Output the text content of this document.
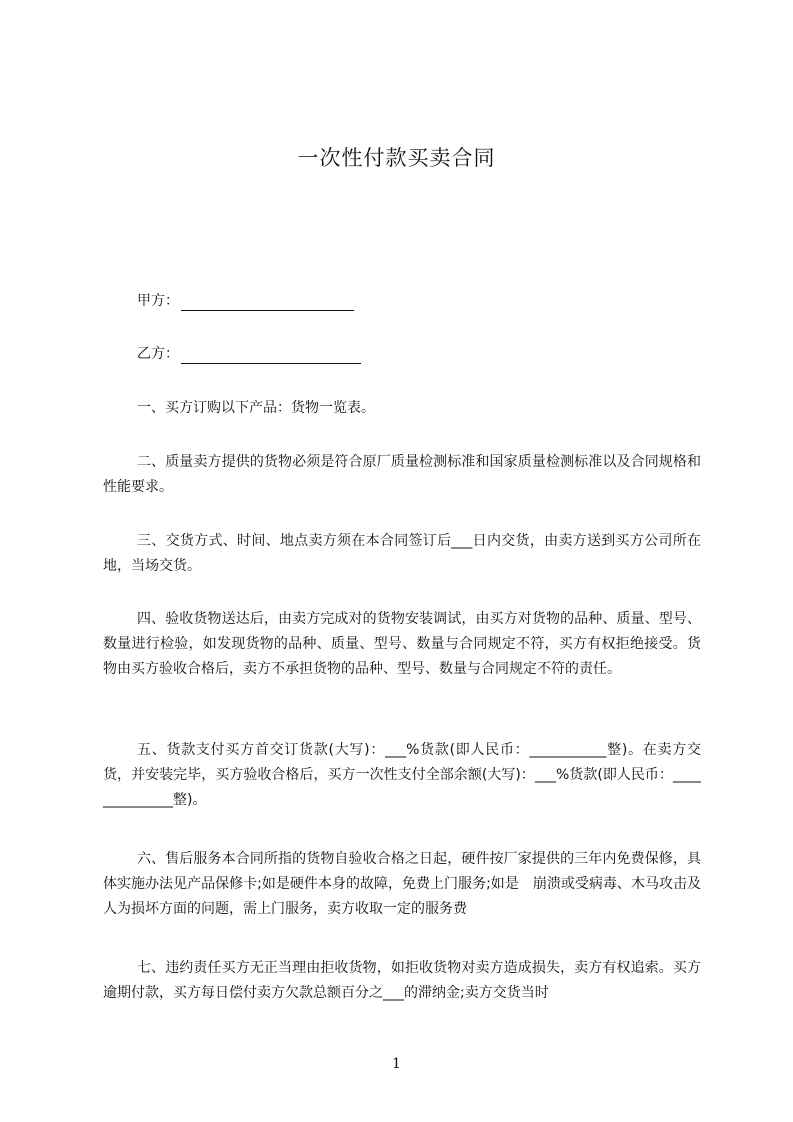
一次性付款买卖合同
甲方：
乙方：
一、买方订购以下产品：货物一览表。
二、质量卖方提供的货物必须是符合原厂质量检测标准和国家质量检测标准以及合同规格和性能要求。
三、交货方式、时间、地点卖方须在本合同签订后___日内交货，由卖方送到买方公司所在地，当场交货。
四、验收货物送达后，由卖方完成对的货物安装调试，由买方对货物的品种、质量、型号、数量进行检验，如发现货物的品种、质量、型号、数量与合同规定不符，买方有权拒绝接受。货物由买方验收合格后，卖方不承担货物的品种、型号、数量与合同规定不符的责任。
五、货款支付买方首交订货款(大写)：___%货款(即人民币：___________整)。在卖方交货，并安装完毕，买方验收合格后，买方一次性支付全部余额(大写)：___%货款(即人民币：______________整)。
六、售后服务本合同所指的货物自验收合格之日起，硬件按厂家提供的三年内免费保修，具体实施办法见产品保修卡;如是硬件本身的故障，免费上门服务;如是　崩溃或受病毒、木马攻击及人为损坏方面的问题，需上门服务，卖方收取一定的服务费
七、违约责任买方无正当理由拒收货物，如拒收货物对卖方造成损失，卖方有权追索。买方逾期付款，买方每日偿付卖方欠款总额百分之___的滞纳金;卖方交货当时
1
